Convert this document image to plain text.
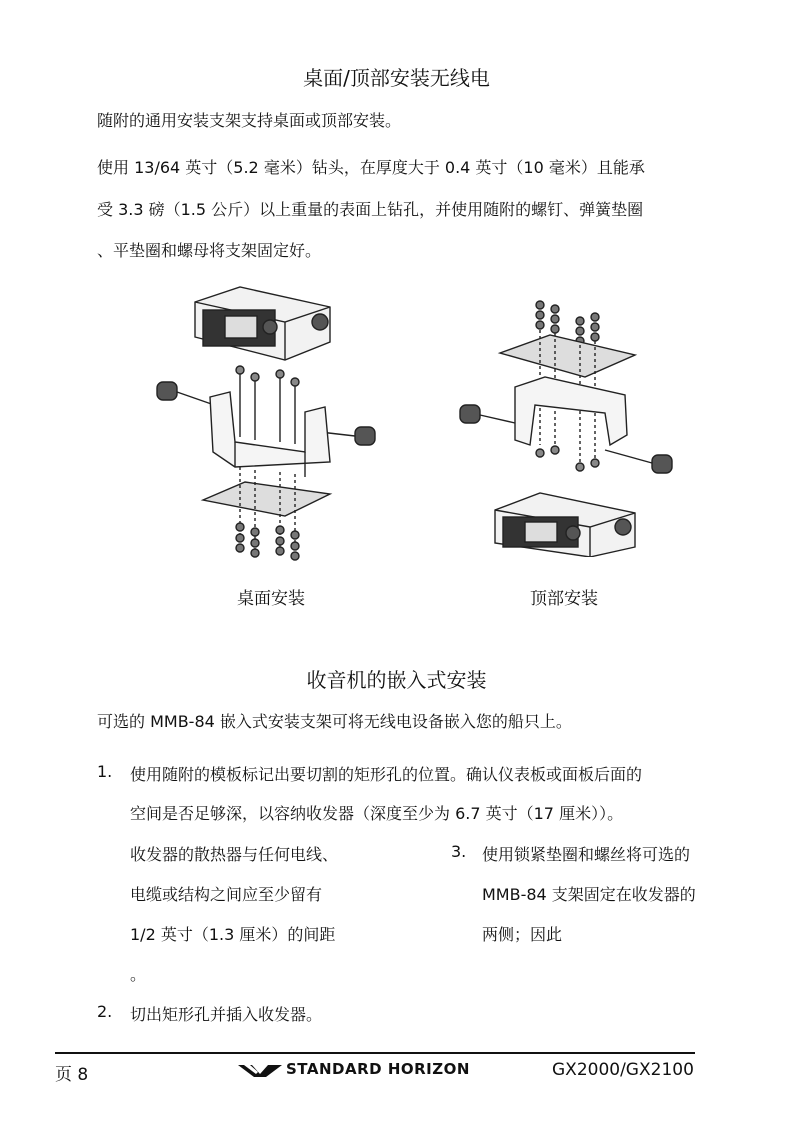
桌面/顶部安装无线电
随附的通用安装支架支持桌面或顶部安装。
使用 13/64 英寸（5.2 毫米）钻头，在厚度大于 0.4 英寸（10 毫米）且能承
受 3.3 磅（1.5 公斤）以上重量的表面上钻孔，并使用随附的螺钉、弹簧垫圈
、平垫圈和螺母将支架固定好。
桌面安装	顶部安装
收音机的嵌入式安装
可选的 MMB-84 嵌入式安装支架可将无线电设备嵌入您的船只上。
1. 使用随附的模板标记出要切割的矩形孔的位置。确认仪表板或面板后面的
空间是否足够深，以容纳收发器（深度至少为 6.7 英寸（17 厘米））。
收发器的散热器与任何电线、
电缆或结构之间应至少留有
1/2 英寸（1.3 厘米）的间距
。
3. 使用锁紧垫圈和螺丝将可选的
MMB-84 支架固定在收发器的
两侧；因此
2. 切出矩形孔并插入收发器。
页 8	STANDARD HORIZON	GX2000/GX2100
